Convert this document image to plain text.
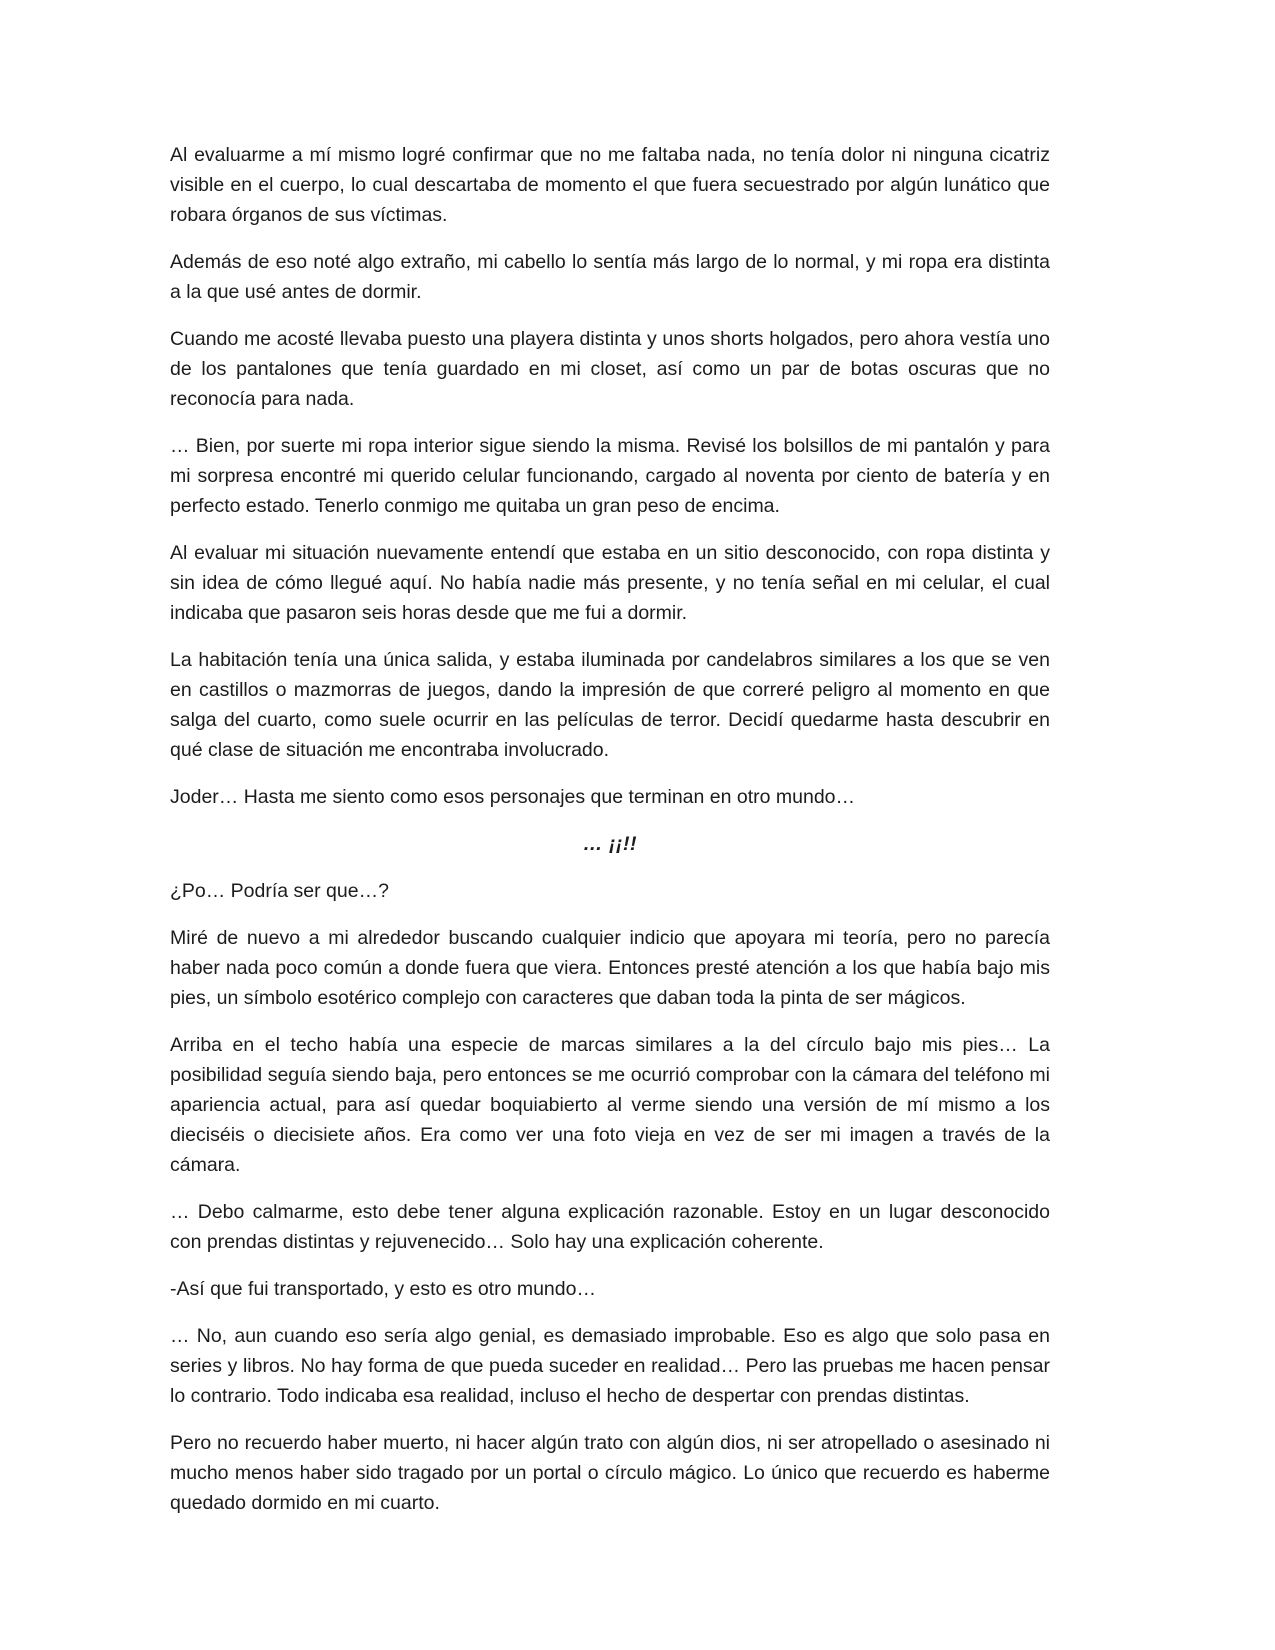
Al evaluarme a mí mismo logré confirmar que no me faltaba nada, no tenía dolor ni ninguna cicatriz visible en el cuerpo, lo cual descartaba de momento el que fuera secuestrado por algún lunático que robara órganos de sus víctimas.

Además de eso noté algo extraño, mi cabello lo sentía más largo de lo normal, y mi ropa era distinta a la que usé antes de dormir.

Cuando me acosté llevaba puesto una playera distinta y unos shorts holgados, pero ahora vestía uno de los pantalones que tenía guardado en mi closet, así como un par de botas oscuras que no reconocía para nada.

… Bien, por suerte mi ropa interior sigue siendo la misma. Revisé los bolsillos de mi pantalón y para mi sorpresa encontré mi querido celular funcionando, cargado al noventa por ciento de batería y en perfecto estado. Tenerlo conmigo me quitaba un gran peso de encima.

Al evaluar mi situación nuevamente entendí que estaba en un sitio desconocido, con ropa distinta y sin idea de cómo llegué aquí. No había nadie más presente, y no tenía señal en mi celular, el cual indicaba que pasaron seis horas desde que me fui a dormir.

La habitación tenía una única salida, y estaba iluminada por candelabros similares a los que se ven en castillos o mazmorras de juegos, dando la impresión de que correré peligro al momento en que salga del cuarto, como suele ocurrir en las películas de terror. Decidí quedarme hasta descubrir en qué clase de situación me encontraba involucrado.

Joder… Hasta me siento como esos personajes que terminan en otro mundo…

… ¡¡!!

¿Po… Podría ser que…?

Miré de nuevo a mi alrededor buscando cualquier indicio que apoyara mi teoría, pero no parecía haber nada poco común a donde fuera que viera. Entonces presté atención a los que había bajo mis pies, un símbolo esotérico complejo con caracteres que daban toda la pinta de ser mágicos.

Arriba en el techo había una especie de marcas similares a la del círculo bajo mis pies… La posibilidad seguía siendo baja, pero entonces se me ocurrió comprobar con la cámara del teléfono mi apariencia actual, para así quedar boquiabierto al verme siendo una versión de mí mismo a los dieciséis o diecisiete años. Era como ver una foto vieja en vez de ser mi imagen a través de la cámara.

… Debo calmarme, esto debe tener alguna explicación razonable. Estoy en un lugar desconocido con prendas distintas y rejuvenecido… Solo hay una explicación coherente.

-Así que fui transportado, y esto es otro mundo…

… No, aun cuando eso sería algo genial, es demasiado improbable. Eso es algo que solo pasa en series y libros. No hay forma de que pueda suceder en realidad… Pero las pruebas me hacen pensar lo contrario. Todo indicaba esa realidad, incluso el hecho de despertar con prendas distintas.

Pero no recuerdo haber muerto, ni hacer algún trato con algún dios, ni ser atropellado o asesinado ni mucho menos haber sido tragado por un portal o círculo mágico. Lo único que recuerdo es haberme quedado dormido en mi cuarto.
